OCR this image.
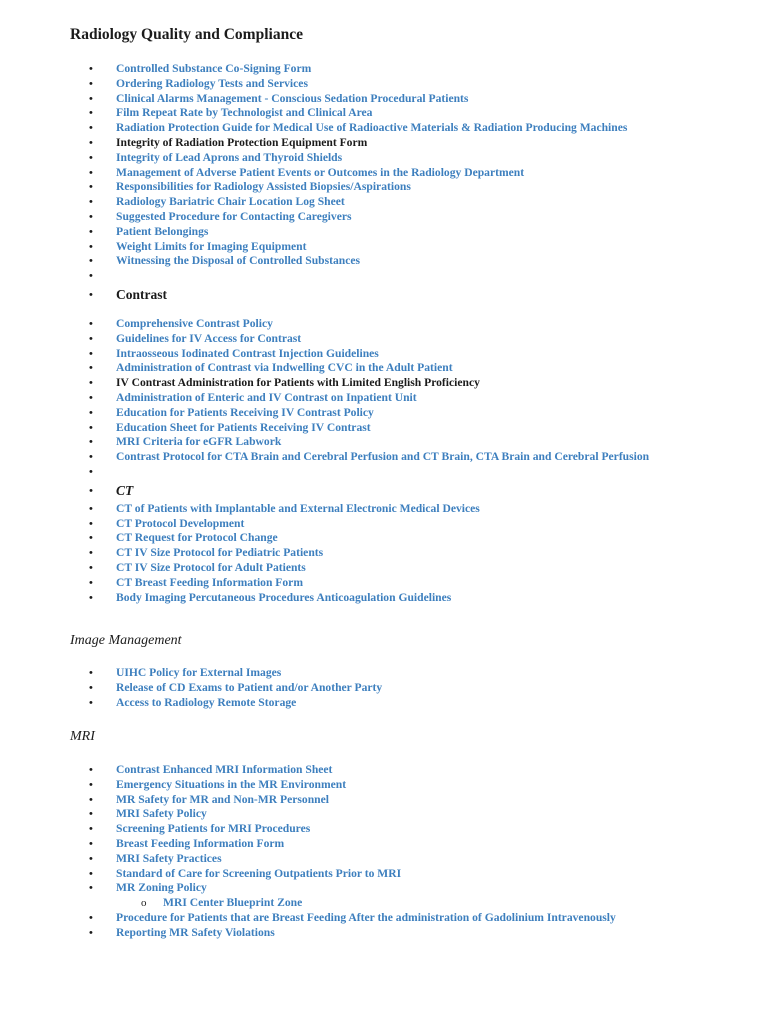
Radiology Quality and Compliance
• Controlled Substance Co-Signing Form
• Ordering Radiology Tests and Services
• Clinical Alarms Management - Conscious Sedation Procedural Patients
• Film Repeat Rate by Technologist and Clinical Area
• Radiation Protection Guide for Medical Use of Radioactive Materials & Radiation Producing Machines
• Integrity of Radiation Protection Equipment Form
• Integrity of Lead Aprons and Thyroid Shields
• Management of Adverse Patient Events or Outcomes in the Radiology Department
• Responsibilities for Radiology Assisted Biopsies/Aspirations
• Radiology Bariatric Chair Location Log Sheet
• Suggested Procedure for Contacting Caregivers
• Patient Belongings
• Weight Limits for Imaging Equipment
• Witnessing the Disposal of Controlled Substances
•
• Contrast
• Comprehensive Contrast Policy
• Guidelines for IV Access for Contrast
• Intraosseous Iodinated Contrast Injection Guidelines
• Administration of Contrast via Indwelling CVC in the Adult Patient
• IV Contrast Administration for Patients with Limited English Proficiency
• Administration of Enteric and IV Contrast on Inpatient Unit
• Education for Patients Receiving IV Contrast Policy
• Education Sheet for Patients Receiving IV Contrast
• MRI Criteria for eGFR Labwork
• Contrast Protocol for CTA Brain and Cerebral Perfusion and CT Brain, CTA Brain and Cerebral Perfusion
•
• CT
• CT of Patients with Implantable and External Electronic Medical Devices
• CT Protocol Development
• CT Request for Protocol Change
• CT IV Size Protocol for Pediatric Patients
• CT IV Size Protocol for Adult Patients
• CT Breast Feeding Information Form
• Body Imaging Percutaneous Procedures Anticoagulation Guidelines
Image Management
• UIHC Policy for External Images
• Release of CD Exams to Patient and/or Another Party
• Access to Radiology Remote Storage
MRI
• Contrast Enhanced MRI Information Sheet
• Emergency Situations in the MR Environment
• MR Safety for MR and Non-MR Personnel
• MRI Safety Policy
• Screening Patients for MRI Procedures
• Breast Feeding Information Form
• MRI Safety Practices
• Standard of Care for Screening Outpatients Prior to MRI
• MR Zoning Policy
o MRI Center Blueprint Zone
• Procedure for Patients that are Breast Feeding After the administration of Gadolinium Intravenously
• Reporting MR Safety Violations
